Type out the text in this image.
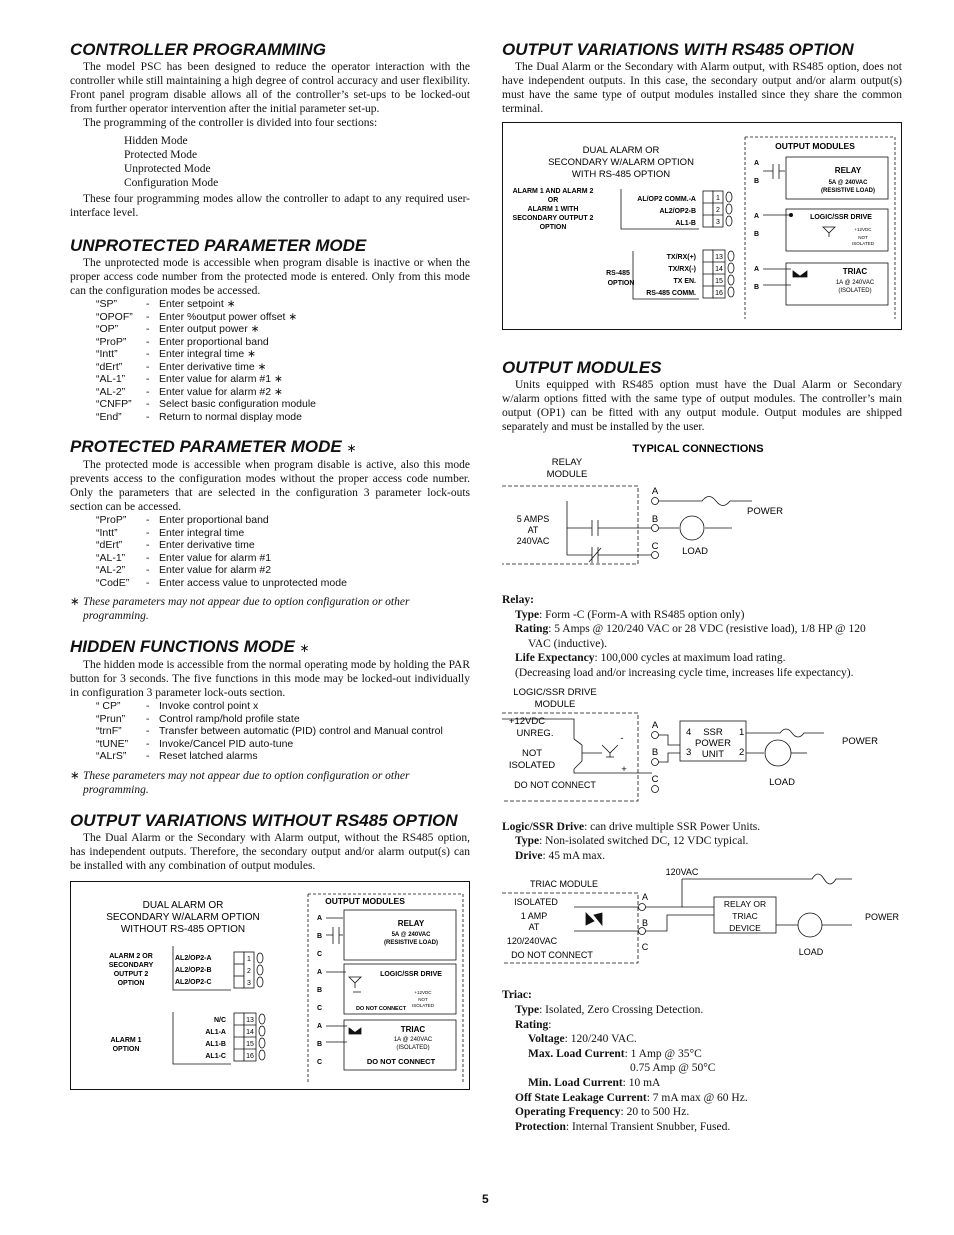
CONTROLLER PROGRAMMING

The model PSC has been designed to reduce the operator interaction with the controller while still maintaining a high degree of control accuracy and user flexibility. Front panel program disable allows all of the controller’s set-ups to be locked-out from further operator intervention after the initial parameter set-up.

The programming of the controller is divided into four sections:

Hidden Mode
Protected Mode
Unprotected Mode
Configuration Mode

These four programming modes allow the controller to adapt to any required user-interface level.

UNPROTECTED PARAMETER MODE

The unprotected mode is accessible when program disable is inactive or when the proper access code number from the protected mode is entered. Only from this mode can the configuration modes be accessed.

“SP”	-	Enter setpoint ∗
“OPOF”	-	Enter %output power offset ∗
“OP”	-	Enter output power ∗
“ProP”	-	Enter proportional band
“Intt”	-	Enter integral time ∗
“dErt”	-	Enter derivative time ∗
“AL-1”	-	Enter value for alarm #1 ∗
“AL-2”	-	Enter value for alarm #2 ∗
“CNFP”	-	Select basic configuration module
“End”	-	Return to normal display mode
PROTECTED PARAMETER MODE ∗

The protected mode is accessible when program disable is active, also this mode prevents access to the configuration modes without the proper access code number. Only the parameters that are selected in the configuration 3 parameter lock-outs section can be accessed.

“ProP”	-	Enter proportional band
“Intt”	-	Enter integral time
“dErt”	-	Enter derivative time
“AL-1”	-	Enter value for alarm #1
“AL-2”	-	Enter value for alarm #2
“CodE”	-	Enter access value to unprotected mode
∗ These parameters may not appear due to option configuration or other programming.
HIDDEN FUNCTIONS MODE ∗

The hidden mode is accessible from the normal operating mode by holding the PAR button for 3 seconds. The five functions in this mode may be locked-out individually in configuration 3 parameter lock-outs section.

“ CP”	-	Invoke control point x
“Prun”	-	Control ramp/hold profile state
“trnF”	-	Transfer between automatic (PID) control and Manual control
“tUNE”	-	Invoke/Cancel PID auto-tune
“ALrS”	-	Reset latched alarms
∗ These parameters may not appear due to option configuration or other programming.
OUTPUT VARIATIONS WITHOUT RS485 OPTION

The Dual Alarm or the Secondary with Alarm output, without the RS485 option, has independent outputs. Therefore, the secondary output and/or alarm output(s) can be installed with any combination of output modules.

DUAL ALARM OR
SECONDARY W/ALARM OPTION
WITHOUT RS-485 OPTION
ALARM 2 OR
SECONDARY
OUTPUT 2
OPTION
AL2/OP2-A
AL2/OP2-B
AL2/OP2-C
1
2
3
ALARM 1
OPTION
N/C
AL1-A
AL1-B
AL1-C
13
14
15
16
OUTPUT MODULES
A
B
C
RELAY
5A @ 240VAC
(RESISTIVE LOAD)
A
B
C
LOGIC/SSR DRIVE
+12VDC
NOT
ISOLATED
DO NOT CONNECT
A
B
C
TRIAC
1A @ 240VAC
(ISOLATED)
DO NOT CONNECT
OUTPUT VARIATIONS WITH RS485 OPTION

The Dual Alarm or the Secondary with Alarm output, with RS485 option, does not have independent outputs. In this case, the secondary output and/or alarm output(s) must have the same type of output modules installed since they share the common terminal.

DUAL ALARM OR
SECONDARY W/ALARM OPTION
WITH RS-485 OPTION
ALARM 1 AND ALARM 2
OR
ALARM 1 WITH
SECONDARY OUTPUT 2
OPTION
AL/OP2 COMM.-A
AL2/OP2-B
AL1-B
1
2
3
RS-485
OPTION
TX/RX(+)
TX/RX(-)
TX EN.
RS-485 COMM.
13
14
15
16
OUTPUT MODULES
A
B
RELAY
5A @ 240VAC
(RESISTIVE LOAD)
A
B
LOGIC/SSR DRIVE
+12VDC
NOT
ISOLATED
A
B
TRIAC
1A @ 240VAC
(ISOLATED)
OUTPUT MODULES

Units equipped with RS485 option must have the Dual Alarm or Secondary w/alarm options fitted with the same type of output modules. The controller’s main output (OP1) can be fitted with any output module. Output modules are shipped separately and must be installed by the user.

TYPICAL CONNECTIONS
RELAY
MODULE
5 AMPS
AT
240VAC
A
B
C LOAD
POWER
Relay:
Type: Form -C (Form-A with RS485 option only)
Rating: 5 Amps @ 120/240 VAC or 28 VDC (resistive load), 1/8 HP @ 120
VAC (inductive).
Life Expectancy: 100,000 cycles at maximum load rating.
(Decreasing load and/or increasing cycle time, increases life expectancy).
LOGIC/SSR DRIVE
MODULE
+12VDC
UNREG.
NOT
ISOLATED
DO NOT CONNECT
-
+
A
B
C
4	1
3	2
SSR
POWER
UNIT
LOAD
POWER
Logic/SSR Drive: can drive multiple SSR Power Units.
Type: Non-isolated switched DC, 12 VDC typical.
Drive: 45 mA max.
120VAC
TRIAC MODULE
ISOLATED
1 AMP
AT
120/240VAC
DO NOT CONNECT
A
B
C
RELAY OR
TRIAC
DEVICE
LOAD
POWER
Triac:
Type: Isolated, Zero Crossing Detection.
Rating:
Voltage: 120/240 VAC.
Max. Load Current: 1 Amp @ 35°C
0.75 Amp @ 50°C
Min. Load Current: 10 mA
Off State Leakage Current: 7 mA max @ 60 Hz.
Operating Frequency: 20 to 500 Hz.
Protection: Internal Transient Snubber, Fused.
5
